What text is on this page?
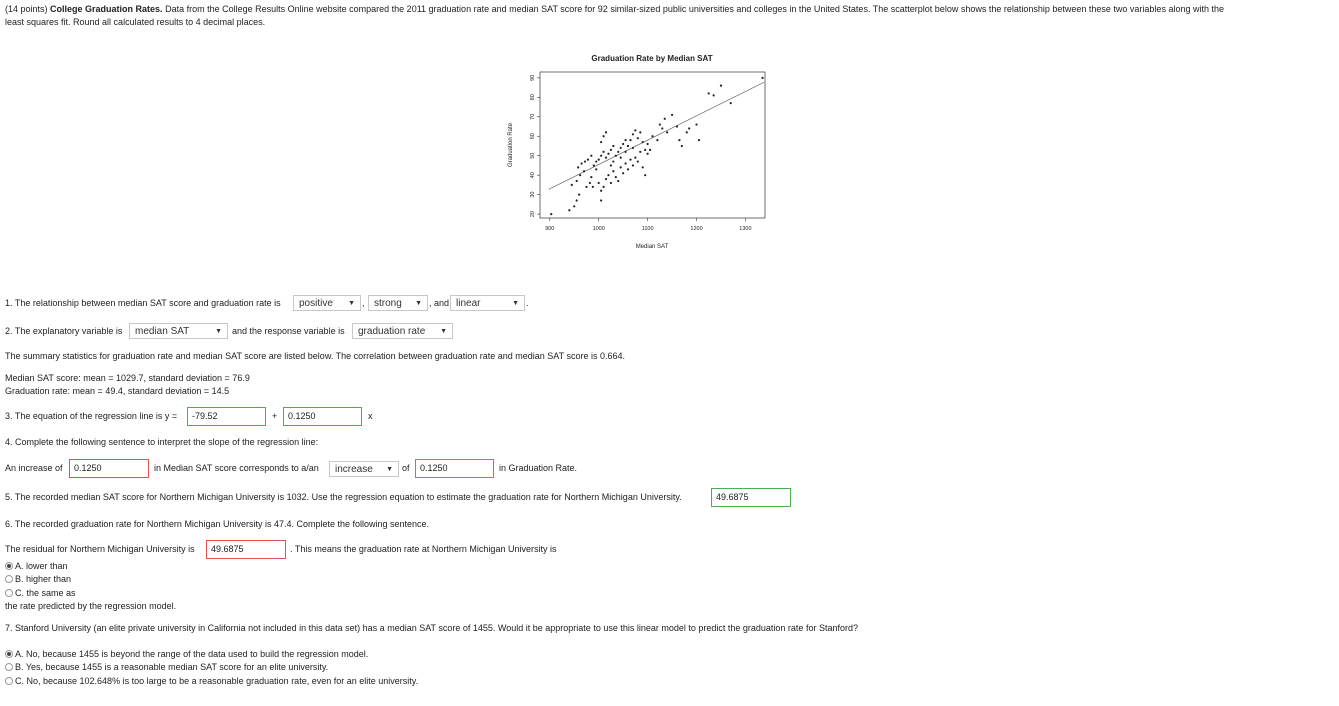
(14 points) College Graduation Rates. Data from the College Results Online website compared the 2011 graduation rate and median SAT score for 92 similar-sized public universities and colleges in the United States. The scatterplot below shows the relationship between these two variables along with the
least squares fit. Round all calculated results to 4 decimal places.
Graduation Rate by Median SAT
900	1000	1100	1200	1300
20
30
40
50
60
70
80
90
Median SAT
Graduation Rate
1. The relationship between median SAT score and graduation rate is	positive ▼ , strong ▼ , and linear	▼ .
2. The explanatory variable is	median SAT	▼ and the response variable is	graduation rate ▼
The summary statistics for graduation rate and median SAT score are listed below. The correlation between graduation rate and median SAT score is 0.664.
Median SAT score: mean = 1029.7, standard deviation = 76.9
Graduation rate: mean = 49.4, standard deviation = 14.5
3. The equation of the regression line is y =	-79.52	+	0.1250	x
4. Complete the following sentence to interpret the slope of the regression line:
An increase of	0.1250	in Median SAT score corresponds to a/an	increase ▼ of	0.1250	in Graduation Rate.
5. The recorded median SAT score for Northern Michigan University is 1032. Use the regression equation to estimate the graduation rate for Northern Michigan University.	49.6875
6. The recorded graduation rate for Northern Michigan University is 47.4. Complete the following sentence.
The residual for Northern Michigan University is	49.6875	. This means the graduation rate at Northern Michigan University is
A. lower than
B. higher than
C. the same as
the rate predicted by the regression model.
7. Stanford University (an elite private university in California not included in this data set) has a median SAT score of 1455. Would it be appropriate to use this linear model to predict the graduation rate for Stanford?
A. No, because 1455 is beyond the range of the data used to build the regression model.
B. Yes, because 1455 is a reasonable median SAT score for an elite university.
C. No, because 102.648% is too large to be a reasonable graduation rate, even for an elite university.
